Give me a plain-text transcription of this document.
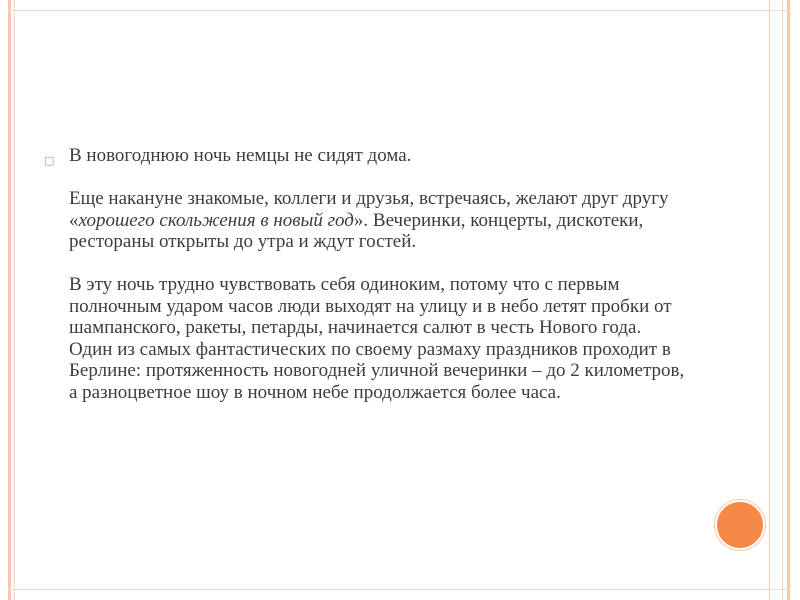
□ В новогоднюю ночь немцы не сидят дома.

Еще накануне знакомые, коллеги и друзья, встречаясь, желают друг другу «хорошего скольжения в новый год». Вечеринки, концерты, дискотеки, рестораны открыты до утра и ждут гостей.

В эту ночь трудно чувствовать себя одиноким, потому что с первым полночным ударом часов люди выходят на улицу и в небо летят пробки от шампанского, ракеты, петарды, начинается салют в честь Нового года. Один из самых фантастических по своему размаху праздников проходит в Берлине: протяженность новогодней уличной вечеринки – до 2 километров, а разноцветное шоу в ночном небе продолжается более часа.
